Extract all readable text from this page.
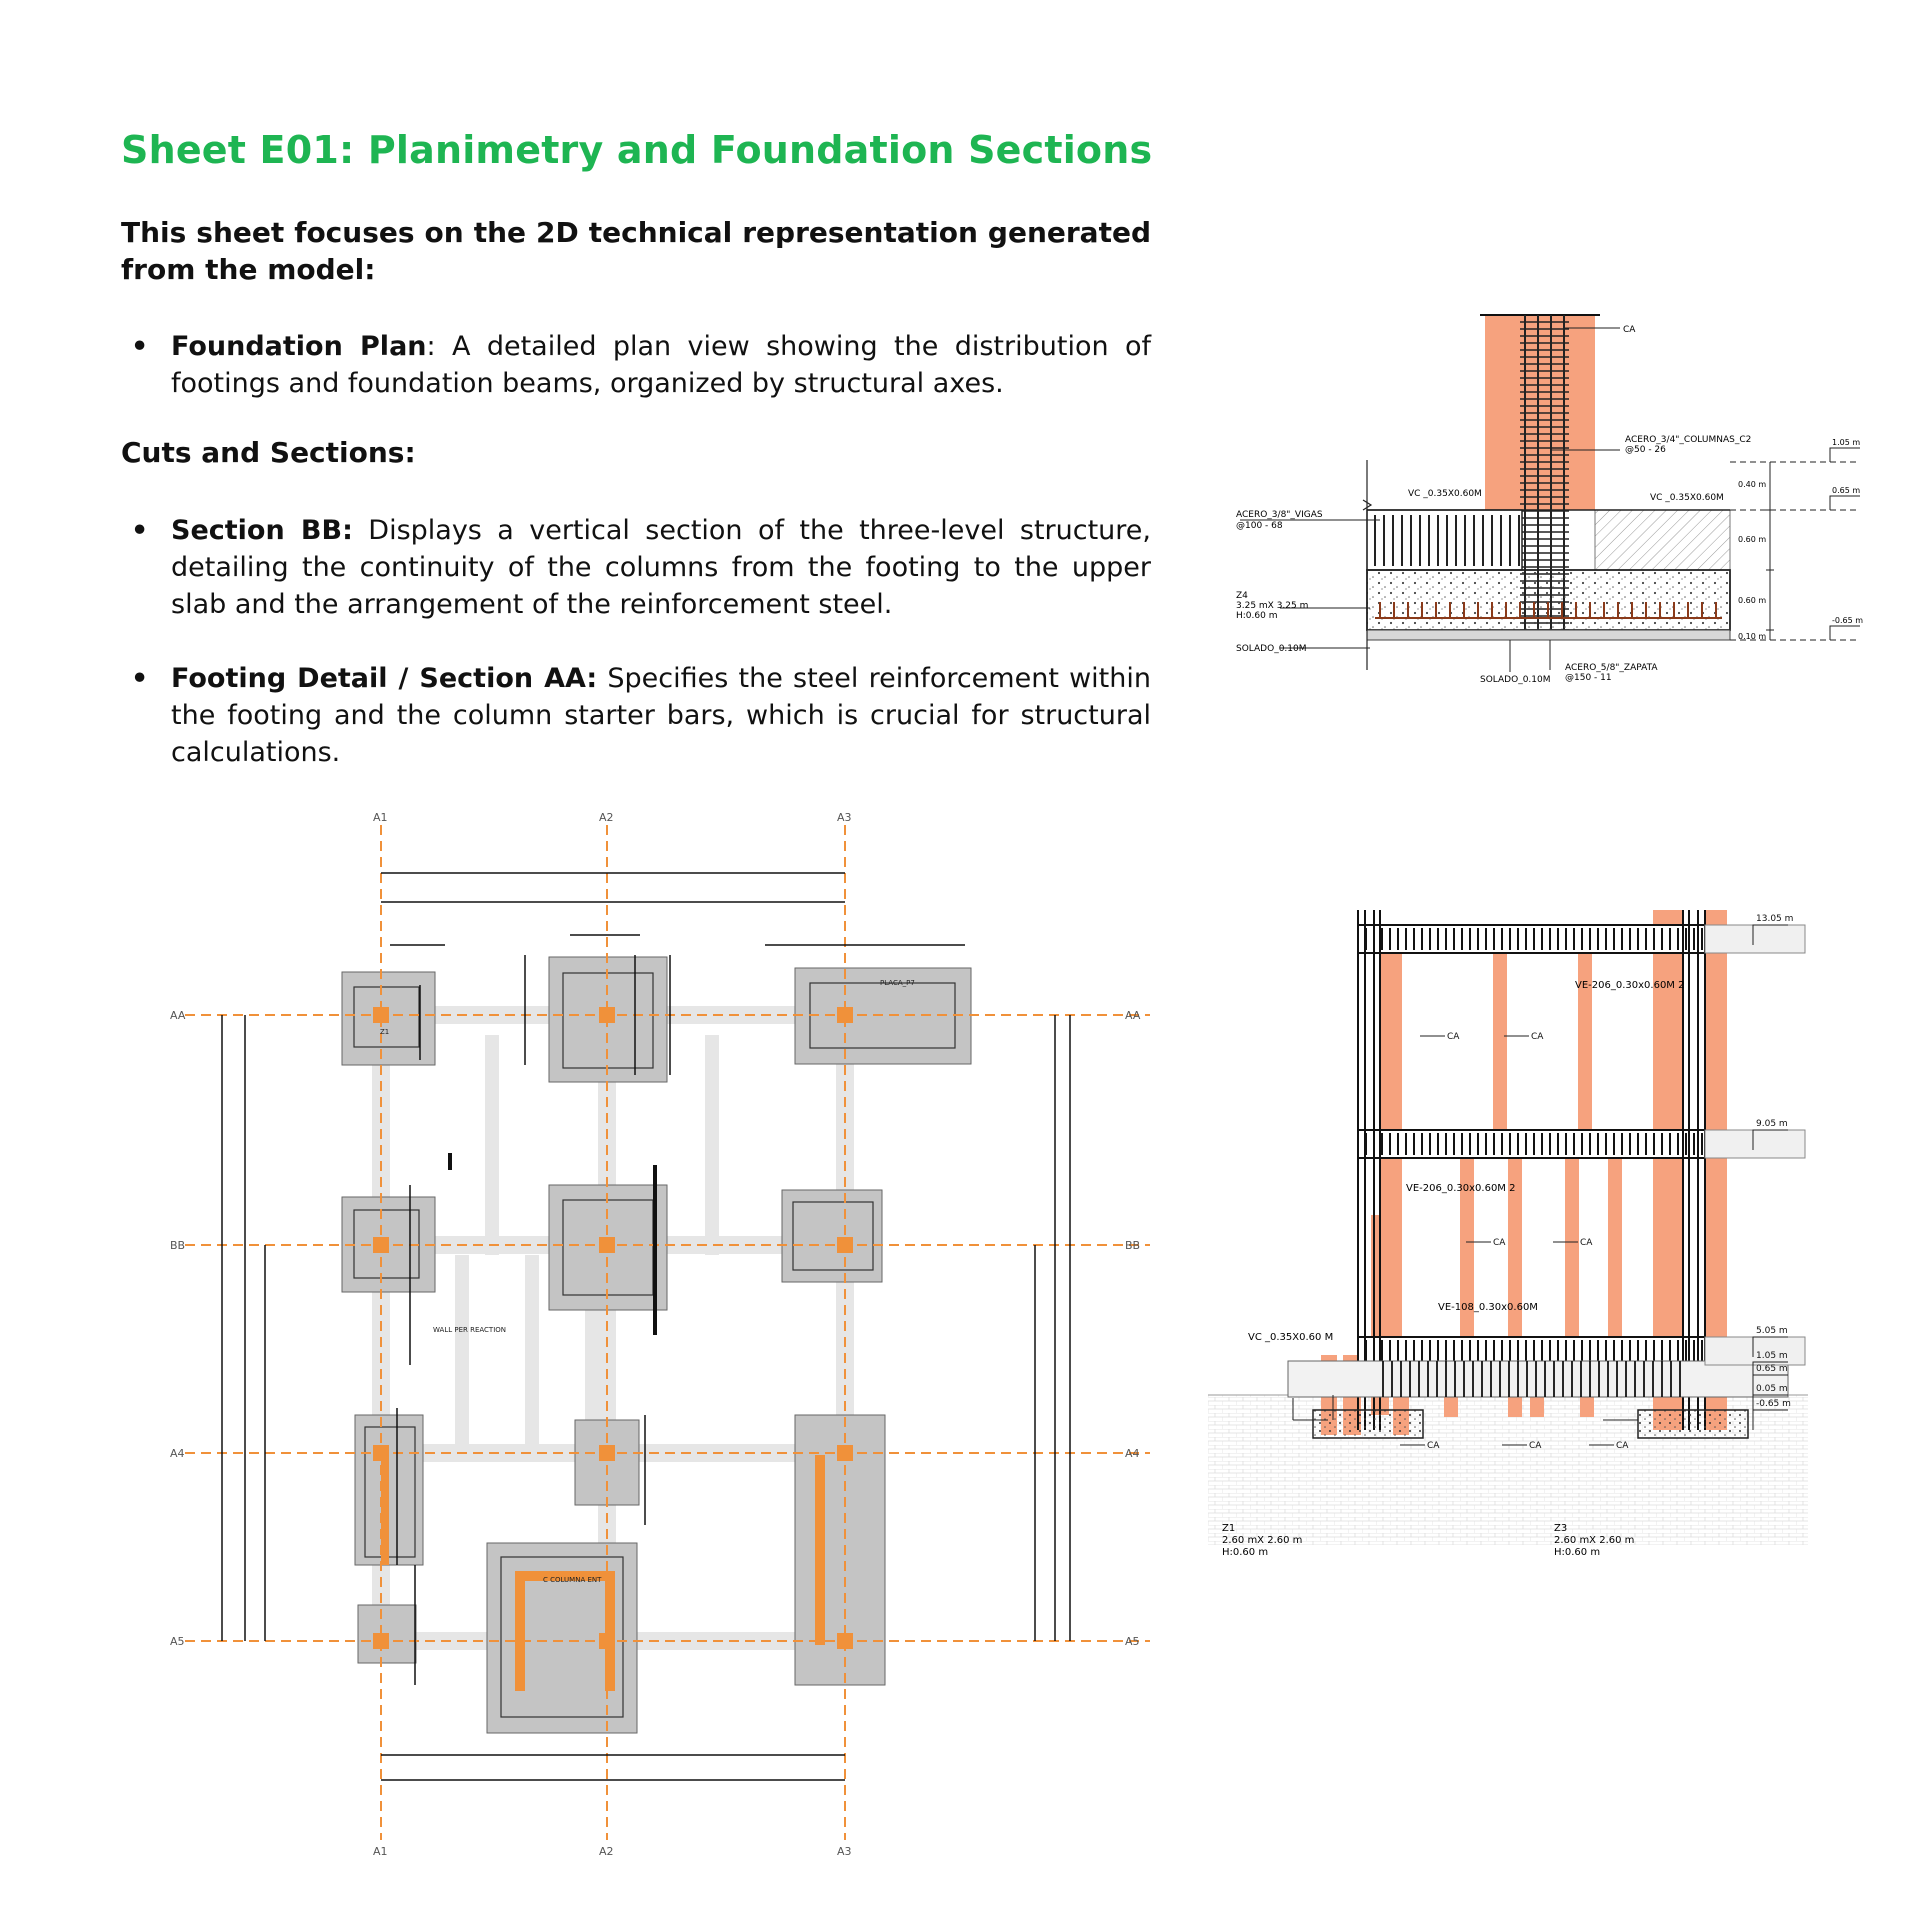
Sheet E01: Planimetry and Foundation Sections
This sheet focuses on the 2D technical representation generated from the model:
• Foundation Plan: A detailed plan view showing the distribution of footings and foundation beams, organized by structural axes.
Cuts and Sections:
• Section BB: Displays a vertical section of the three-level structure, detailing the continuity of the columns from the footing to the upper slab and the arrangement of the reinforcement steel.
• Footing Detail / Section AA: Specifies the steel reinforcement within the footing and the column starter bars, which is crucial for structural calculations.
CA
ACERO_3/4"_COLUMNAS_C2
@50 - 26
VC _0.35X0.60M	VC _0.35X0.60M
ACERO_3/8"_VIGAS
@100 - 68
Z4
3.25 mX 3.25 m
H:0.60 m
SOLADO_0.10M
SOLADO_0.10M
ACERO_5/8"_ZAPATA
@150 - 11
0.40 m
0.60 m
0.60 m
0.10 m
1.05 m
0.65 m
-0.65 m
A1
A1
A2
A2
A3
A3
AA	AA
BB	BB
A4	A4
A5	A5
WALL PER REACTION
C COLUMNA ENT
PLACA_P7
Z1
13.05 m
9.05 m
5.05 m
1.05 m
0.65 m
0.05 m
-0.65 m
CA	CA
CA	CA
CA	CA	CA
VE-206_0.30x0.60M 2
VE-206_0.30x0.60M 2
VE-108_0.30x0.60M
VC _0.35X0.60 M
Z1
2.60 mX 2.60 m
H:0.60 m
Z3
2.60 mX 2.60 m
H:0.60 m
